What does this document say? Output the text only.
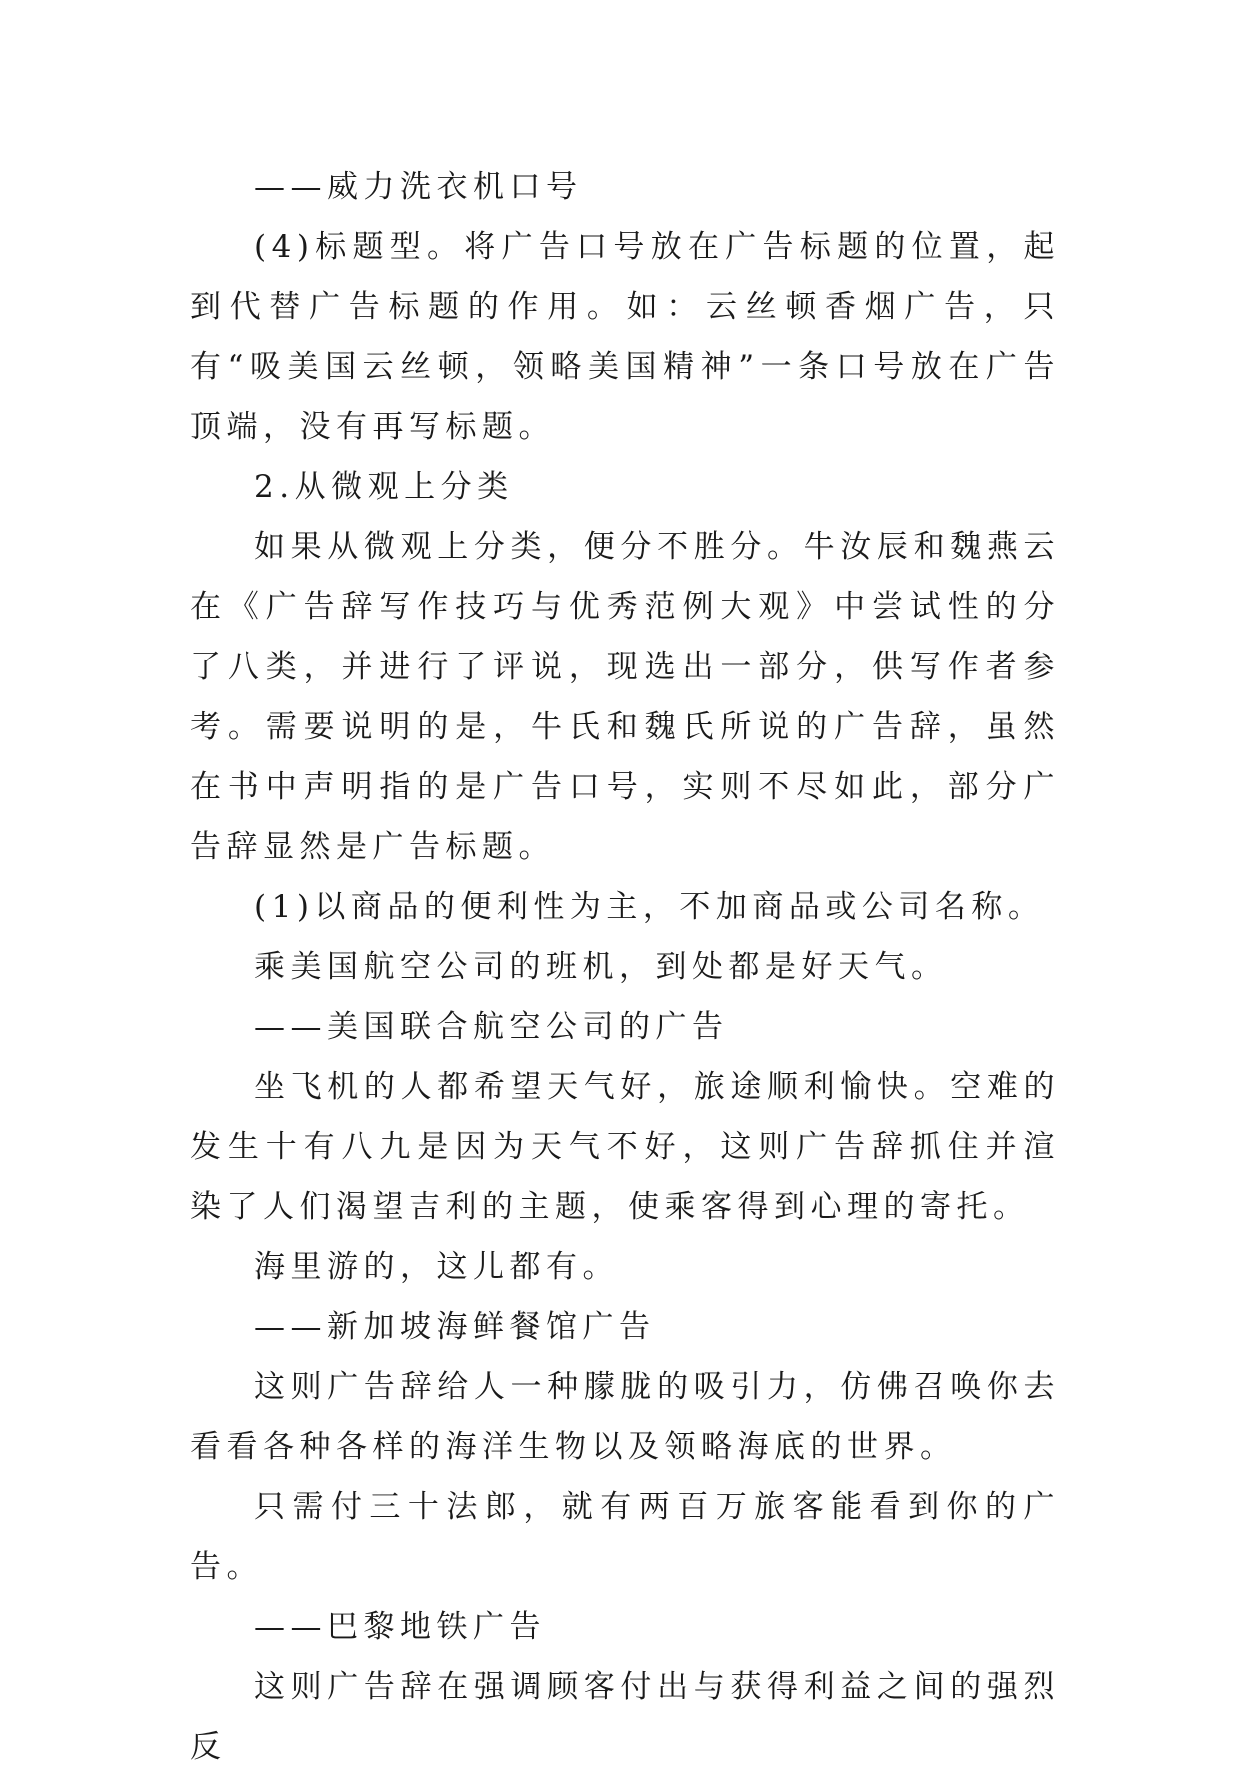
——威力洗衣机口号

(4)标题型。将广告口号放在广告标题的位置，起到代替广告标题的作用。如：云丝顿香烟广告，只有“吸美国云丝顿，领略美国精神”一条口号放在广告顶端，没有再写标题。

2.从微观上分类

如果从微观上分类，便分不胜分。牛汝辰和魏燕云在《广告辞写作技巧与优秀范例大观》中尝试性的分了八类，并进行了评说，现选出一部分，供写作者参考。需要说明的是，牛氏和魏氏所说的广告辞，虽然在书中声明指的是广告口号，实则不尽如此，部分广告辞显然是广告标题。

(1)以商品的便利性为主，不加商品或公司名称。

乘美国航空公司的班机，到处都是好天气。

——美国联合航空公司的广告

坐飞机的人都希望天气好，旅途顺利愉快。空难的发生十有八九是因为天气不好，这则广告辞抓住并渲染了人们渴望吉利的主题，使乘客得到心理的寄托。

海里游的，这儿都有。

——新加坡海鲜餐馆广告

这则广告辞给人一种朦胧的吸引力，仿佛召唤你去看看各种各样的海洋生物以及领略海底的世界。

只需付三十法郎，就有两百万旅客能看到你的广告。

——巴黎地铁广告

这则广告辞在强调顾客付出与获得利益之间的强烈反
